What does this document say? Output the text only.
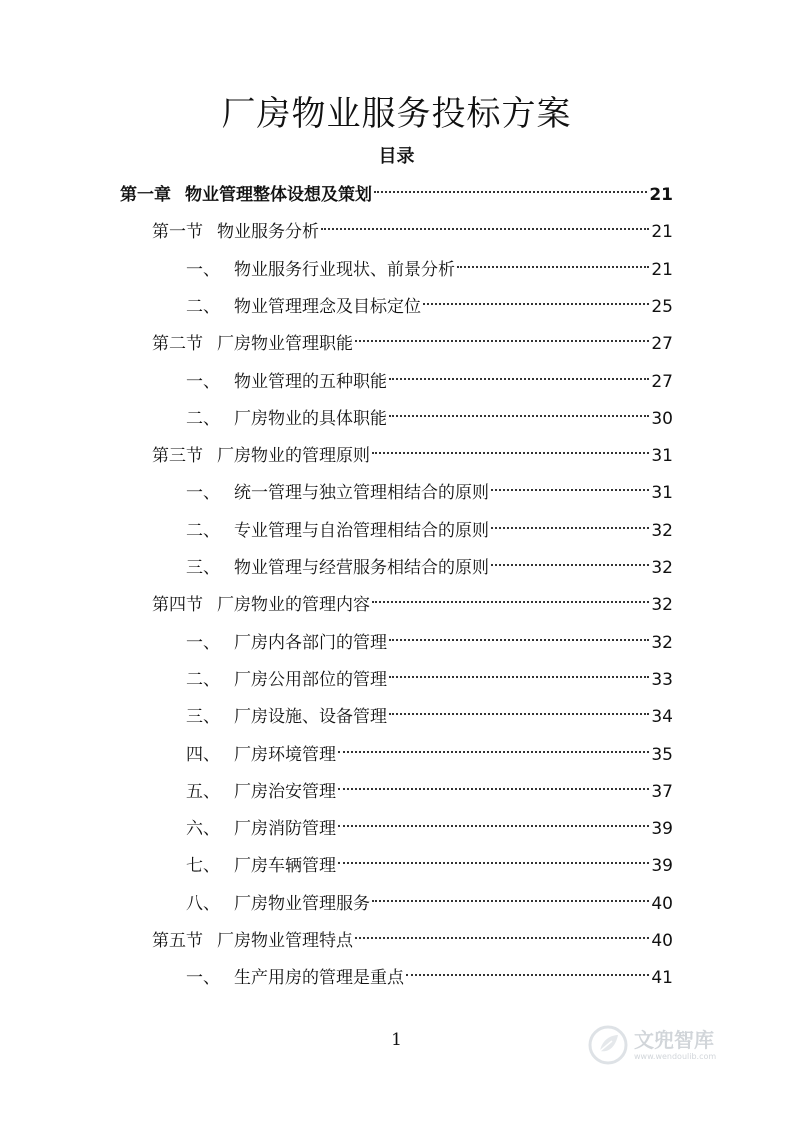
厂房物业服务投标方案
目录
第一章 物业管理整体设想及策划	21
第一节 物业服务分析	21
一、 物业服务行业现状、前景分析	21
二、 物业管理理念及目标定位	25
第二节 厂房物业管理职能	27
一、 物业管理的五种职能	27
二、 厂房物业的具体职能	30
第三节 厂房物业的管理原则	31
一、 统一管理与独立管理相结合的原则	31
二、 专业管理与自治管理相结合的原则	32
三、 物业管理与经营服务相结合的原则	32
第四节 厂房物业的管理内容	32
一、 厂房内各部门的管理	32
二、 厂房公用部位的管理	33
三、 厂房设施、设备管理	34
四、 厂房环境管理	35
五、 厂房治安管理	37
六、 厂房消防管理	39
七、 厂房车辆管理	39
八、 厂房物业管理服务	40
第五节 厂房物业管理特点	40
一、 生产用房的管理是重点	41
1	文兜智库
www.wendoulib.com
